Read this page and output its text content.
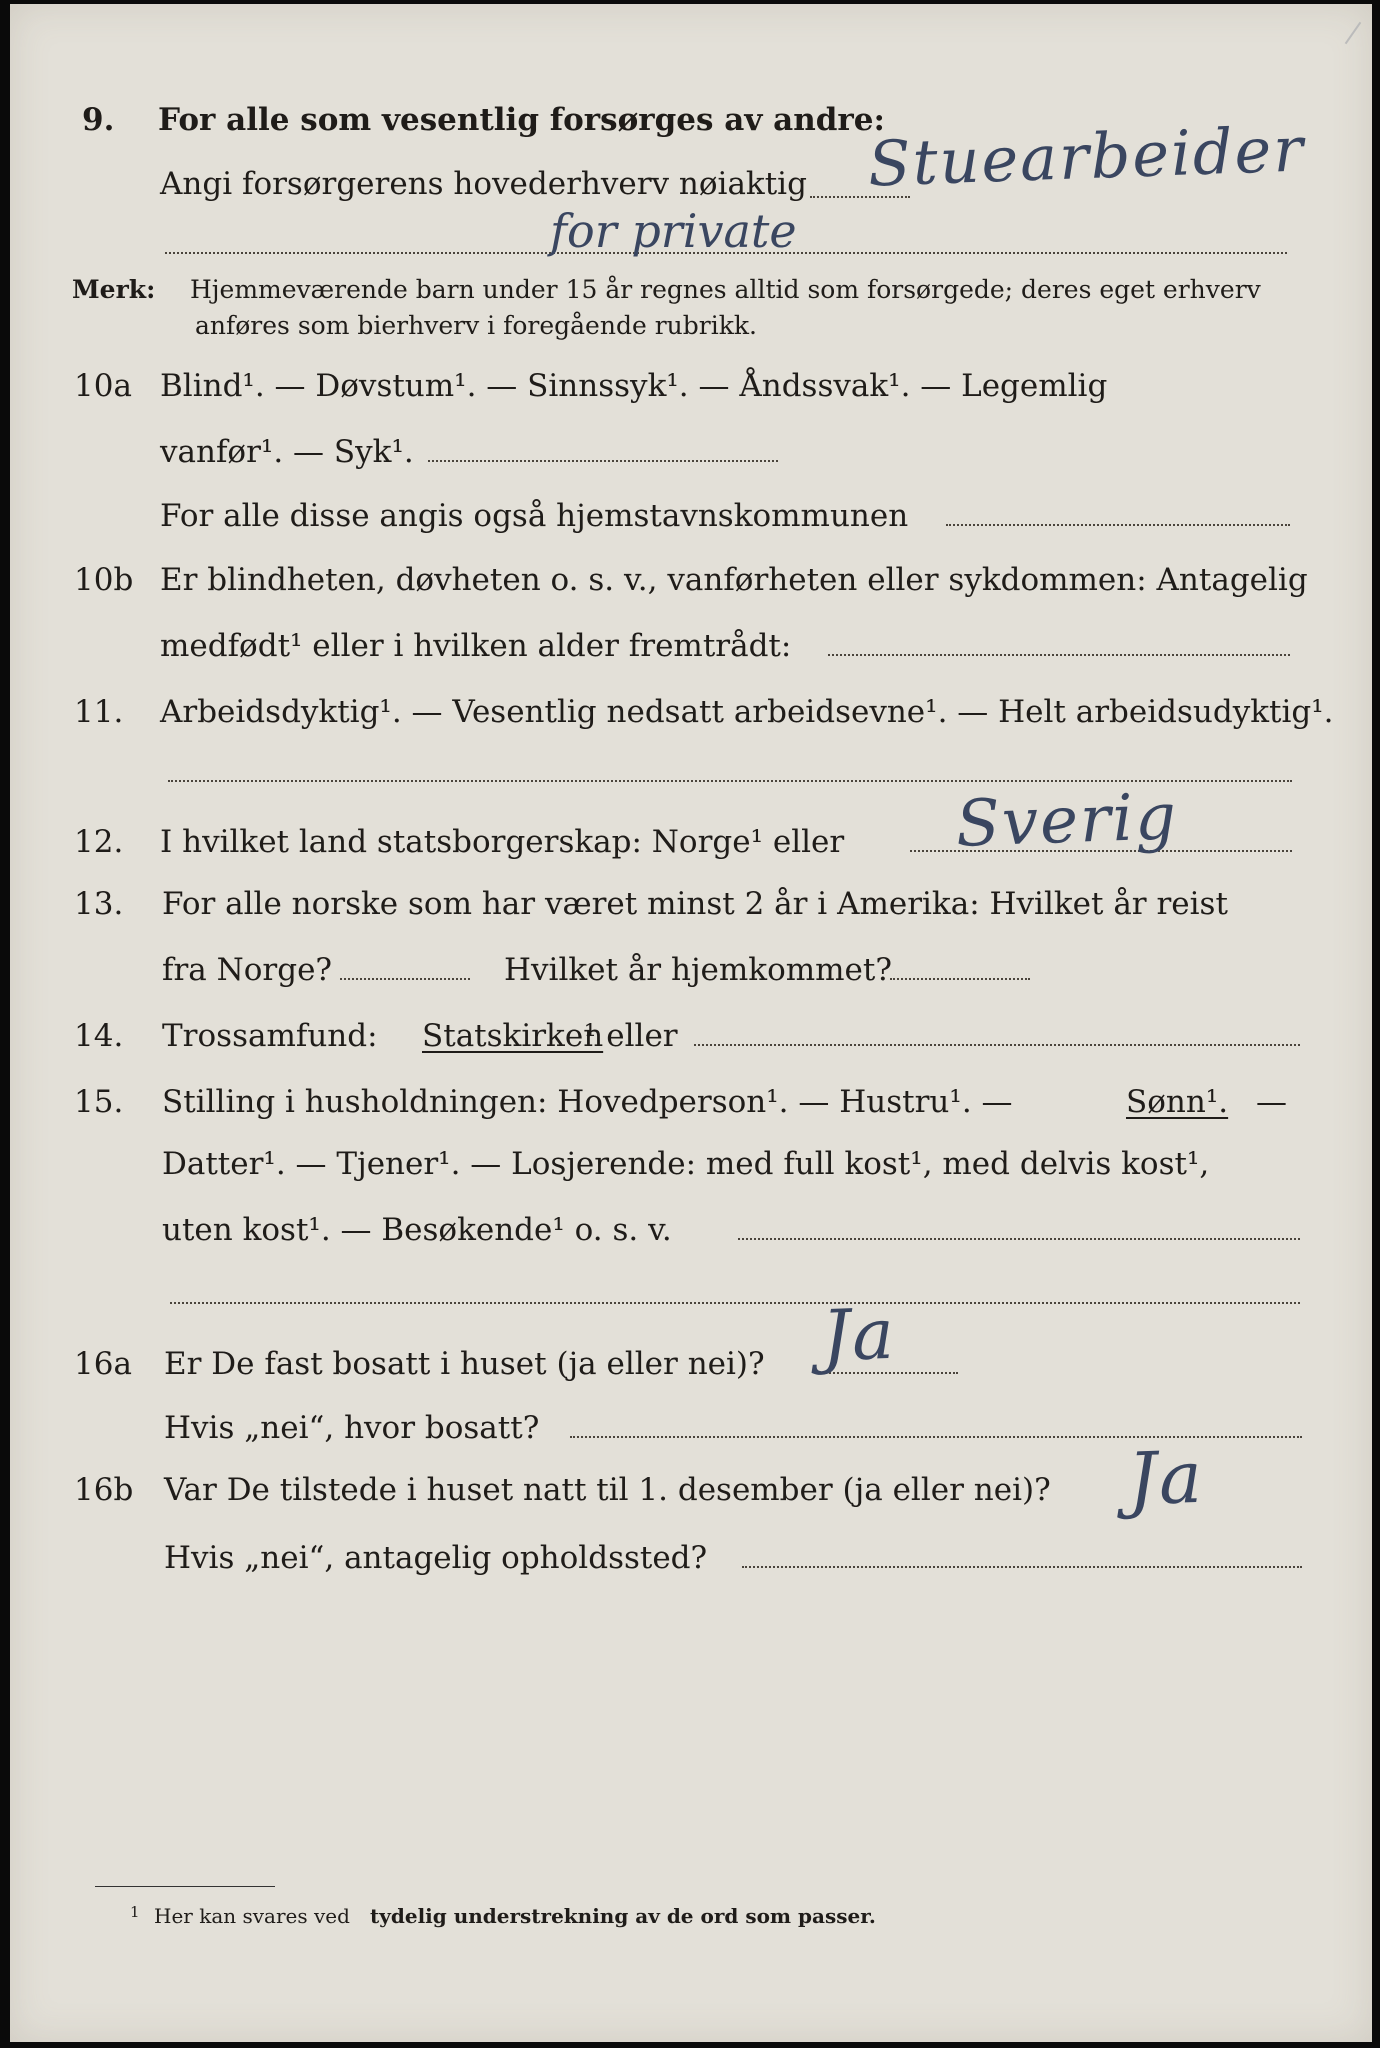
9. For alle som vesentlig forsørges av andre:
Angi forsørgerens hovederhverv nøiaktig Stuearbeider
for private
Merk: Hjemmeværende barn under 15 år regnes alltid som forsørgede; deres eget erhverv
anføres som bierhverv i foregående rubrikk.
10a Blind¹. — Døvstum¹. — Sinnssyk¹. — Åndssvak¹. — Legemlig
vanfør¹. — Syk¹.
For alle disse angis også hjemstavnskommunen
10b Er blindheten, døvheten o. s. v., vanførheten eller sykdommen: Antagelig
medfødt¹ eller i hvilken alder fremtrådt:
11. Arbeidsdyktig¹. — Vesentlig nedsatt arbeidsevne¹. — Helt arbeidsudyktig¹.
12. I hvilket land statsborgerskap: Norge¹ eller Sverig
13. For alle norske som har været minst 2 år i Amerika: Hvilket år reist
fra Norge?	Hvilket år hjemkommet?
14. Trossamfund: Statskirken
¹ eller
15. Stilling i husholdningen: Hovedperson¹. — Hustru¹. —	Sønn¹. —
Datter¹. — Tjener¹. — Losjerende: med full kost¹, med delvis kost¹,
uten kost¹. — Besøkende¹ o. s. v.
16a Er De fast bosatt i huset (ja eller nei)? Ja
Hvis „nei“, hvor bosatt?
16b Var De tilstede i huset natt til 1. desember (ja eller nei)? Ja
Hvis „nei“, antagelig opholdssted?
1 Her kan svares ved tydelig understrekning av de ord som passer.
